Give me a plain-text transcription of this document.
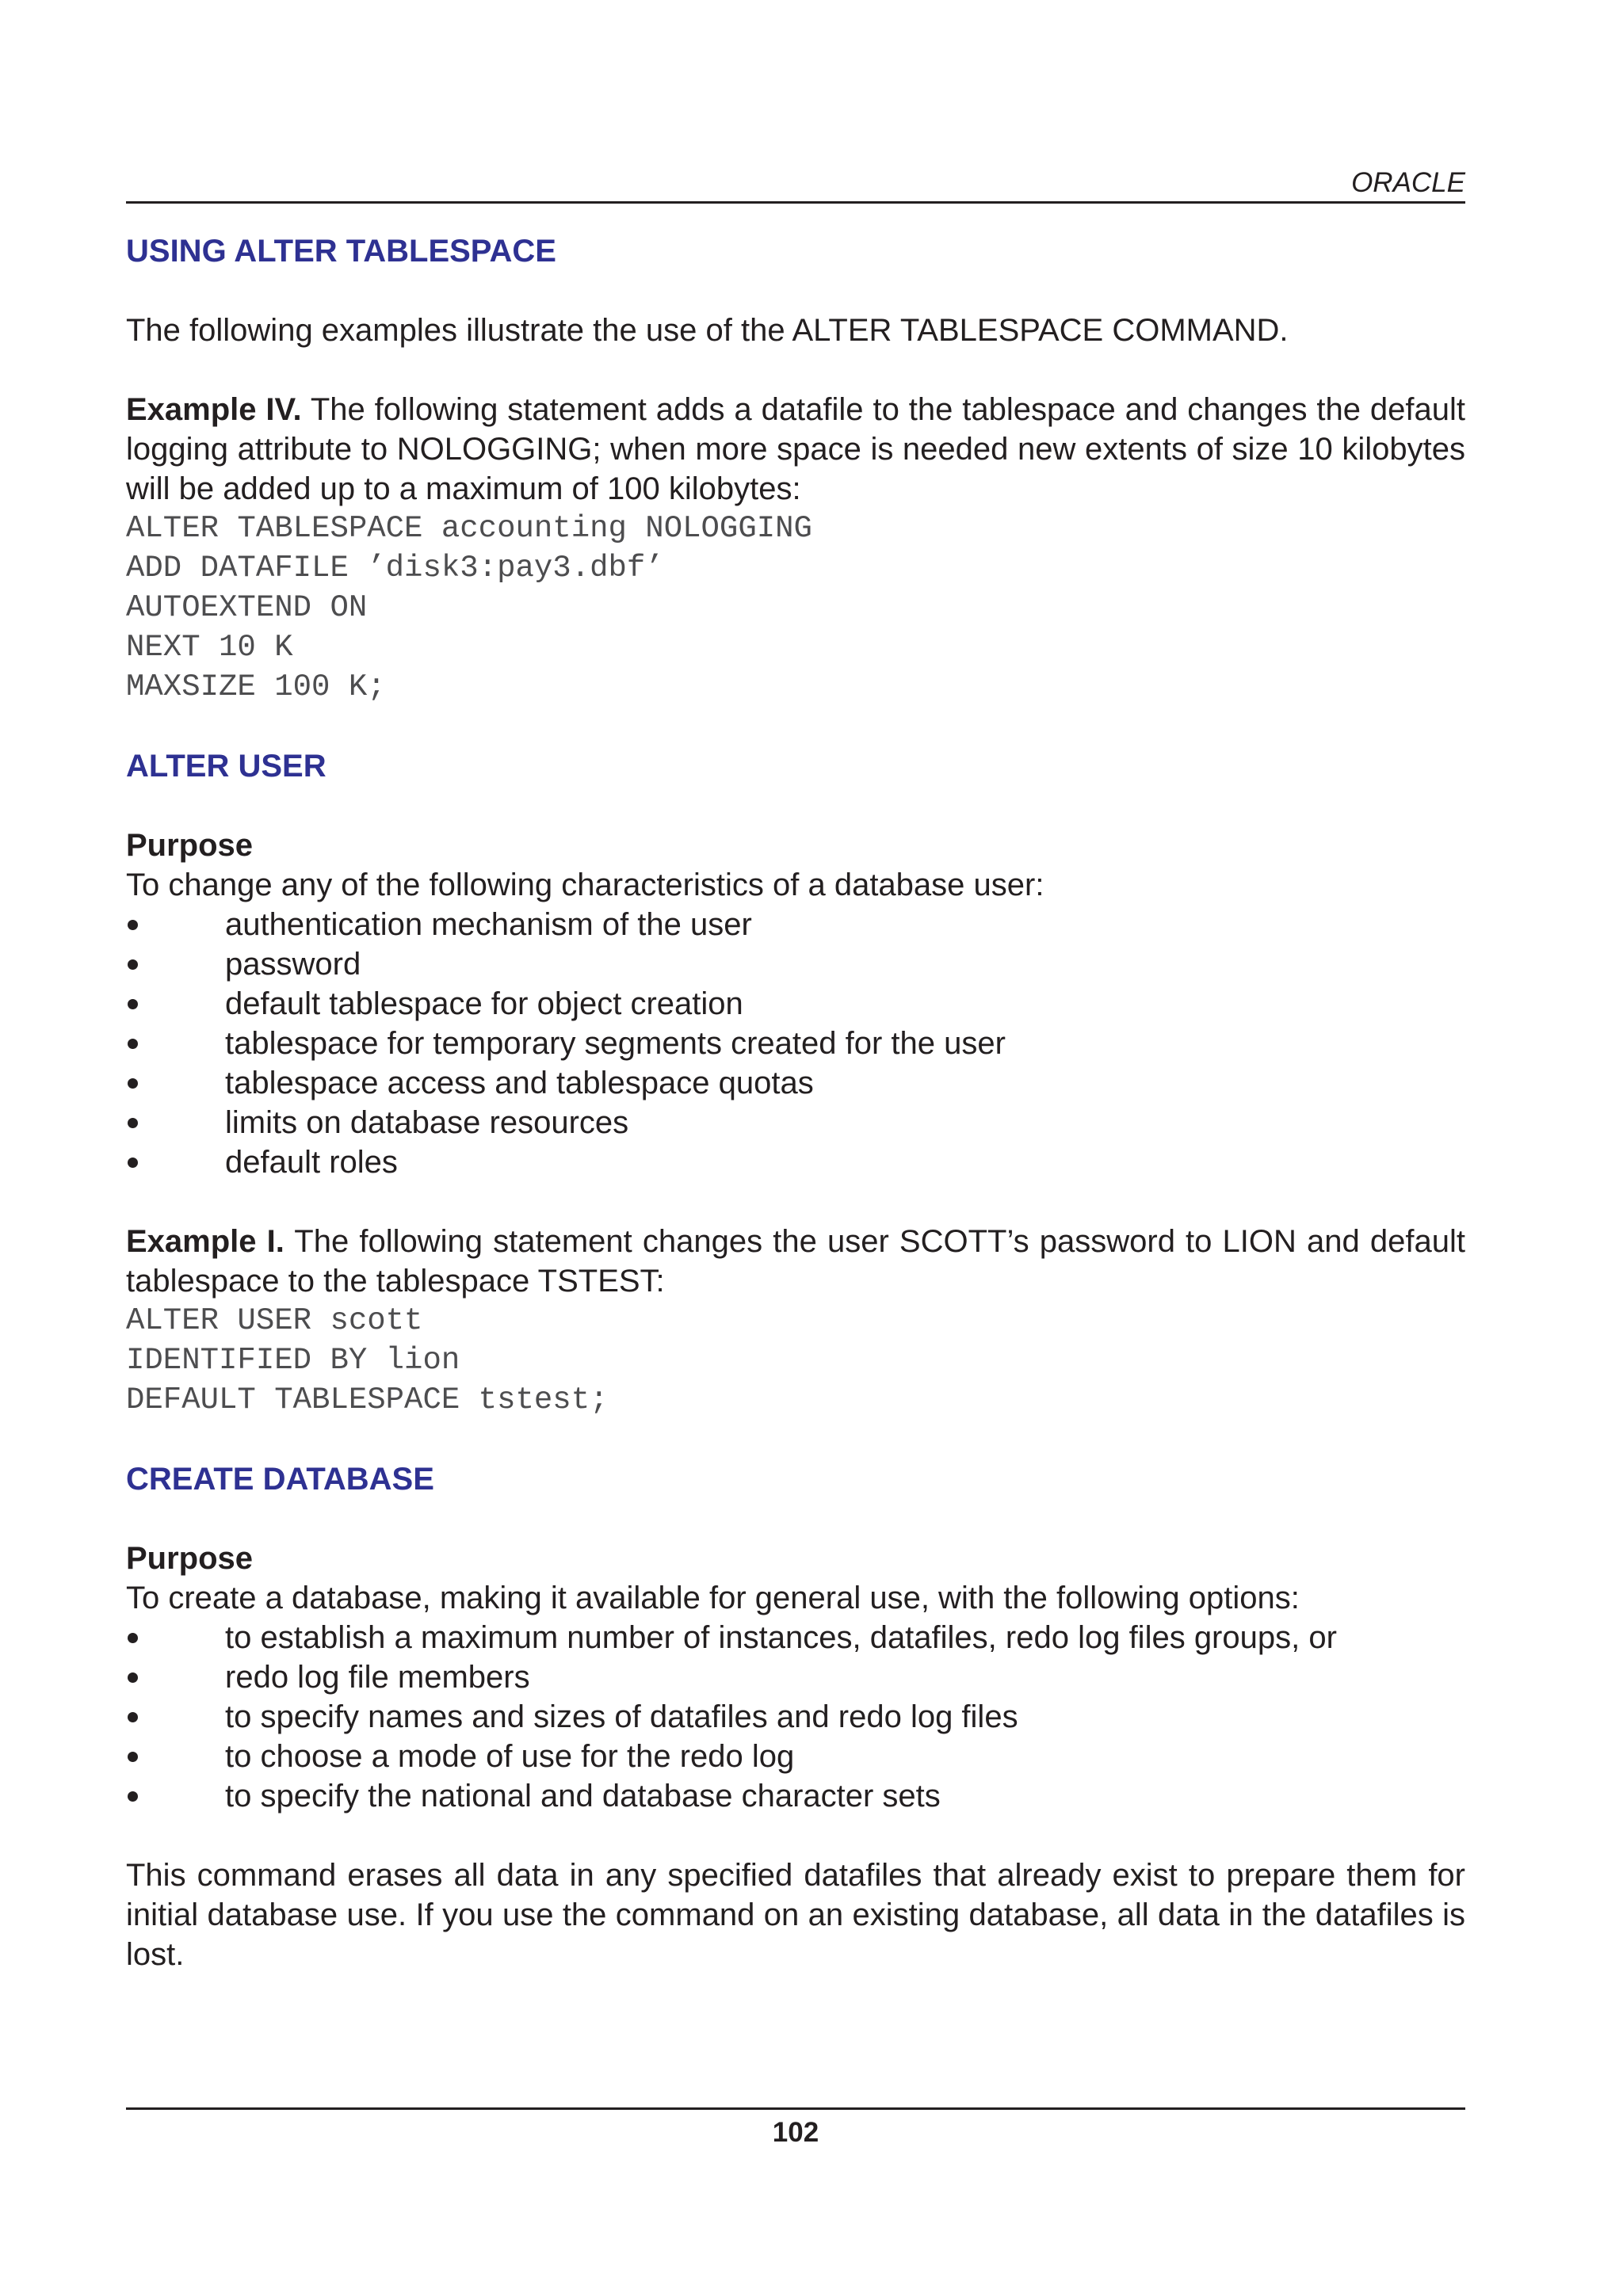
ORACLE
USING ALTER TABLESPACE

The following examples illustrate the use of the ALTER TABLESPACE COMMAND.

Example IV. The following statement adds a datafile to the tablespace and changes the default logging attribute to NOLOGGING; when more space is needed new extents of size 10 kilobytes will be added up to a maximum of 100 kilobytes:

ALTER TABLESPACE accounting NOLOGGING

ADD DATAFILE ’disk3:pay3.dbf’

AUTOEXTEND ON

NEXT 10 K

MAXSIZE 100 K;

ALTER USER

Purpose

To change any of the following characteristics of a database user:

authentication mechanism of the user
password
default tablespace for object creation
tablespace for temporary segments created for the user
tablespace access and tablespace quotas
limits on database resources
default roles

Example I. The following statement changes the user SCOTT’s password to LION and default tablespace to the tablespace TSTEST:

ALTER USER scott

IDENTIFIED BY lion

DEFAULT TABLESPACE tstest;

CREATE DATABASE

Purpose

To create a database, making it available for general use, with the following options:

to establish a maximum number of instances, datafiles, redo log files groups, or
redo log file members
to specify names and sizes of datafiles and redo log files
to choose a mode of use for the redo log
to specify the national and database character sets

This command erases all data in any specified datafiles that already exist to prepare them for initial database use. If you use the command on an existing database, all data in the datafiles is lost.

102
